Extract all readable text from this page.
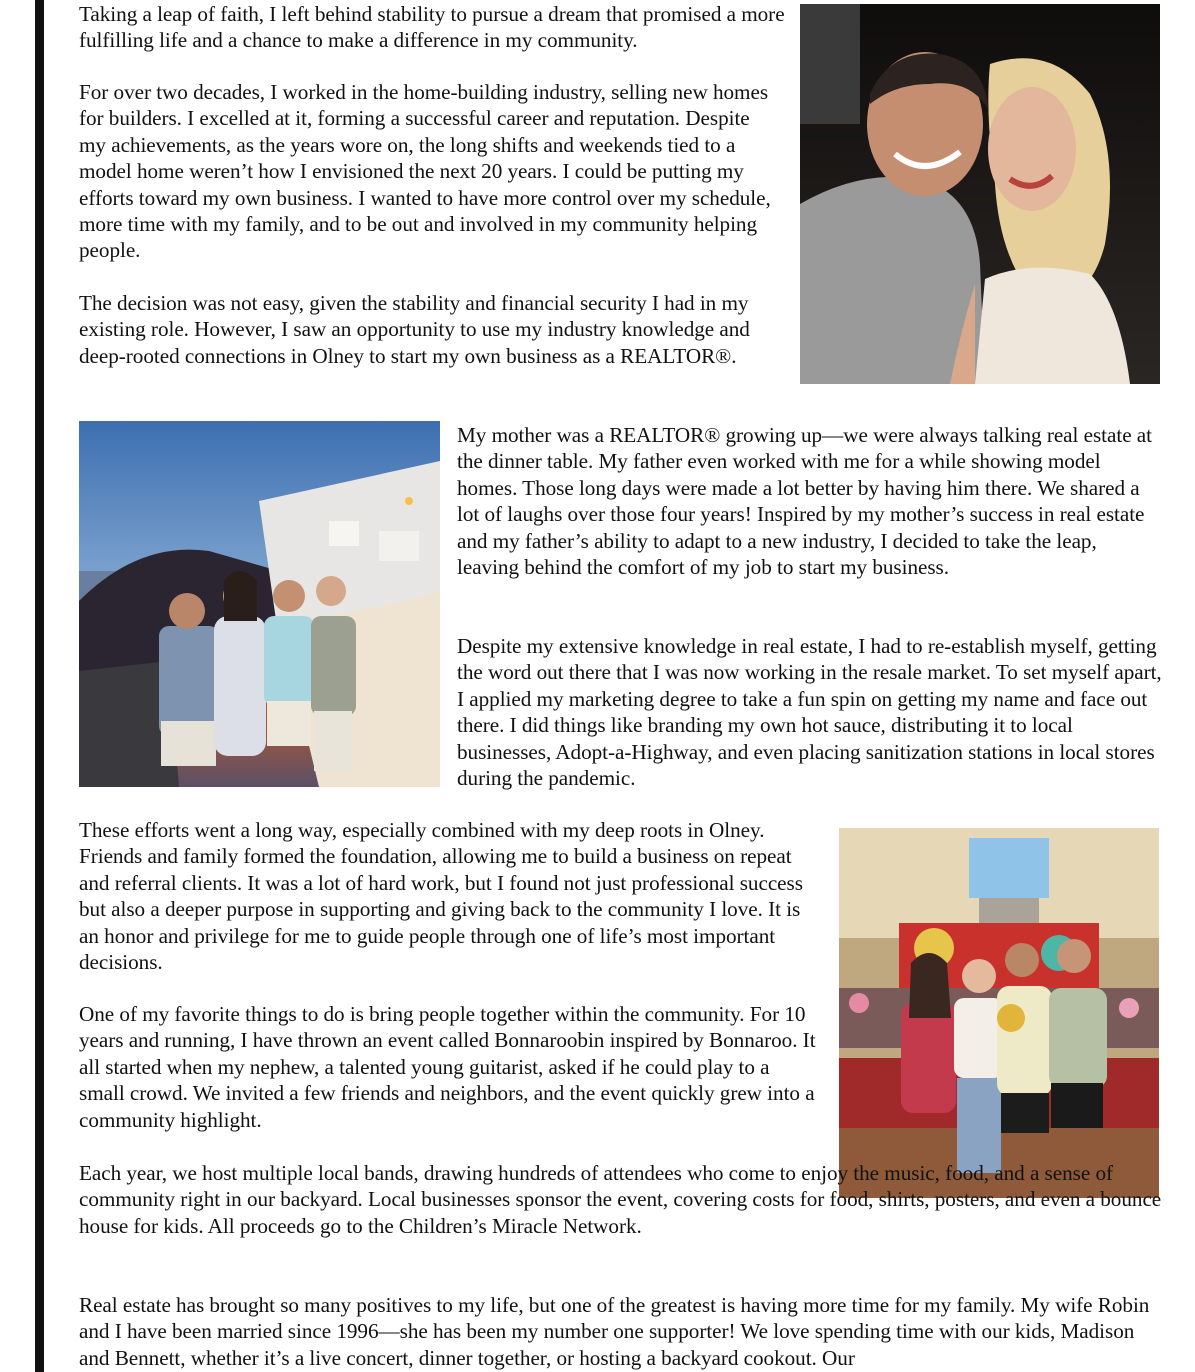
Taking a leap of faith, I left behind stability to pursue a dream that promised a more fulfilling life and a chance to make a difference in my community.

For over two decades, I worked in the home-building industry, selling new homes for builders. I excelled at it, forming a successful career and reputation. Despite my achievements, as the years wore on, the long shifts and weekends tied to a model home weren’t how I envisioned the next 20 years. I could be putting my efforts toward my own business. I wanted to have more control over my schedule, more time with my family, and to be out and involved in my community helping people.

The decision was not easy, given the stability and financial security I had in my existing role. However, I saw an opportunity to use my industry knowledge and deep-rooted connections in Olney to start my own business as a REALTOR®.

My mother was a REALTOR® growing up—we were always talking real estate at the dinner table. My father even worked with me for a while showing model homes. Those long days were made a lot better by having him there. We shared a lot of laughs over those four years! Inspired by my mother’s success in real estate and my father’s ability to adapt to a new industry, I decided to take the leap, leaving behind the comfort of my job to start my business.

Despite my extensive knowledge in real estate, I had to re-establish myself, getting the word out there that I was now working in the resale market. To set myself apart, I applied my marketing degree to take a fun spin on getting my name and face out there. I did things like branding my own hot sauce, distributing it to local businesses, Adopt-a-Highway, and even placing sanitization stations in local stores during the pandemic.

These efforts went a long way, especially combined with my deep roots in Olney. Friends and family formed the foundation, allowing me to build a business on repeat and referral clients. It was a lot of hard work, but I found not just professional success but also a deeper purpose in supporting and giving back to the community I love. It is an honor and privilege for me to guide people through one of life’s most important decisions.

One of my favorite things to do is bring people together within the community. For 10 years and running, I have thrown an event called Bonnaroobin inspired by Bonnaroo. It all started when my nephew, a talented young guitarist, asked if he could play to a small crowd. We invited a few friends and neighbors, and the event quickly grew into a community highlight.

Each year, we host multiple local bands, drawing hundreds of attendees who come to enjoy the music, food, and a sense of community right in our backyard. Local businesses sponsor the event, covering costs for food, shirts, posters, and even a bounce house for kids. All proceeds go to the Children’s Miracle Network.

Real estate has brought so many positives to my life, but one of the greatest is having more time for my family. My wife Robin and I have been married since 1996—she has been my number one supporter! We love spending time with our kids, Madison and Bennett, whether it’s a live concert, dinner together, or hosting a backyard cookout. Our
